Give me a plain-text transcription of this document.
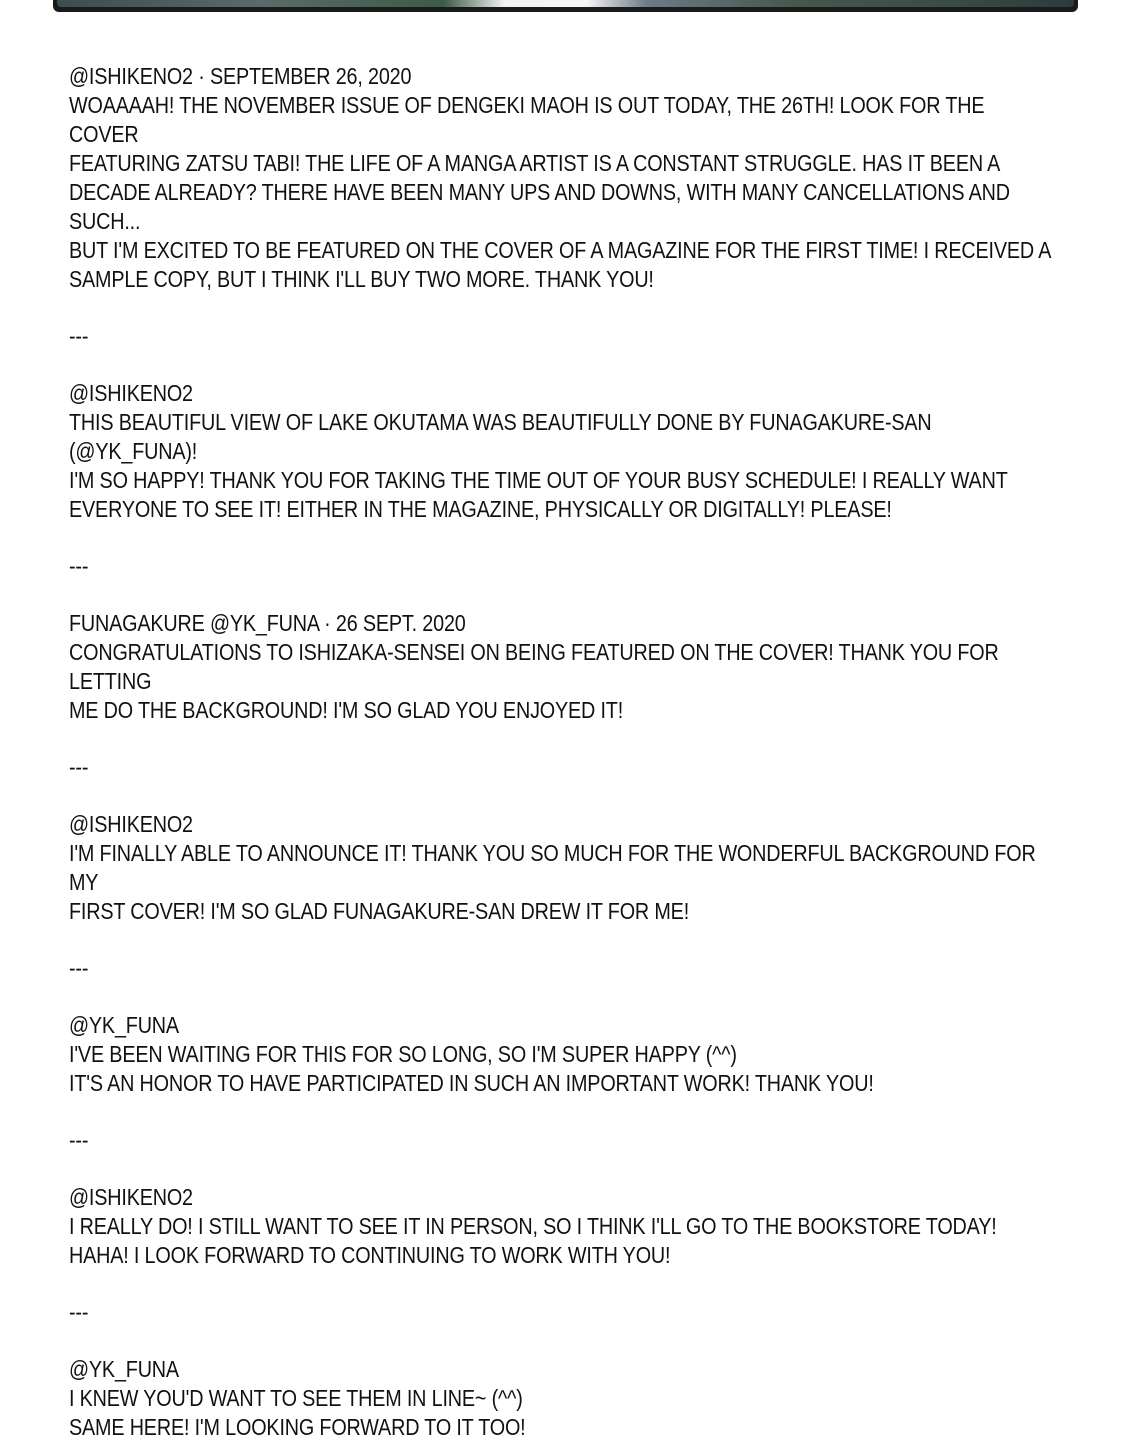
@ISHIKENO2 · SEPTEMBER 26, 2020

WOAAAAH! THE NOVEMBER ISSUE OF DENGEKI MAOH IS OUT TODAY, THE 26TH! LOOK FOR THE COVER

FEATURING ZATSU TABI! THE LIFE OF A MANGA ARTIST IS A CONSTANT STRUGGLE. HAS IT BEEN A

DECADE ALREADY? THERE HAVE BEEN MANY UPS AND DOWNS, WITH MANY CANCELLATIONS AND SUCH...

BUT I'M EXCITED TO BE FEATURED ON THE COVER OF A MAGAZINE FOR THE FIRST TIME! I RECEIVED A

SAMPLE COPY, BUT I THINK I'LL BUY TWO MORE. THANK YOU!

---

@ISHIKENO2

THIS BEAUTIFUL VIEW OF LAKE OKUTAMA WAS BEAUTIFULLY DONE BY FUNAGAKURE-SAN (@YK_FUNA)!

I'M SO HAPPY! THANK YOU FOR TAKING THE TIME OUT OF YOUR BUSY SCHEDULE! I REALLY WANT

EVERYONE TO SEE IT! EITHER IN THE MAGAZINE, PHYSICALLY OR DIGITALLY! PLEASE!

---

FUNAGAKURE @YK_FUNA · 26 SEPT. 2020

CONGRATULATIONS TO ISHIZAKA-SENSEI ON BEING FEATURED ON THE COVER! THANK YOU FOR LETTING

ME DO THE BACKGROUND! I'M SO GLAD YOU ENJOYED IT!

---

@ISHIKENO2

I'M FINALLY ABLE TO ANNOUNCE IT! THANK YOU SO MUCH FOR THE WONDERFUL BACKGROUND FOR MY

FIRST COVER! I'M SO GLAD FUNAGAKURE-SAN DREW IT FOR ME!

---

@YK_FUNA

I'VE BEEN WAITING FOR THIS FOR SO LONG, SO I'M SUPER HAPPY (^^)

IT'S AN HONOR TO HAVE PARTICIPATED IN SUCH AN IMPORTANT WORK! THANK YOU!

---

@ISHIKENO2

I REALLY DO! I STILL WANT TO SEE IT IN PERSON, SO I THINK I'LL GO TO THE BOOKSTORE TODAY!

HAHA! I LOOK FORWARD TO CONTINUING TO WORK WITH YOU!

---

@YK_FUNA

I KNEW YOU'D WANT TO SEE THEM IN LINE~ (^^)

SAME HERE! I'M LOOKING FORWARD TO IT TOO!
